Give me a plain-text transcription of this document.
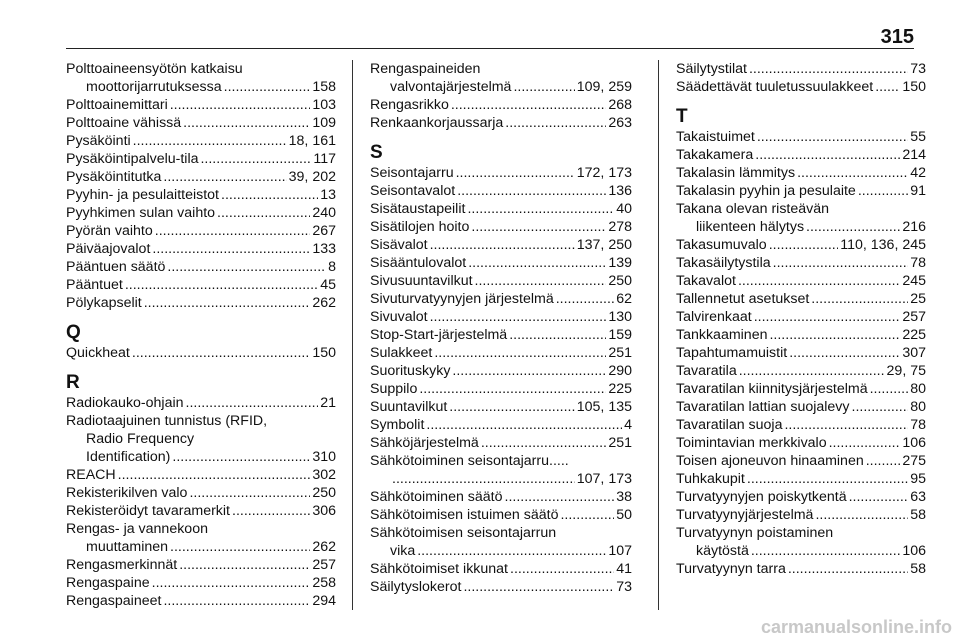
315
Polttoaineensyötön katkaisu
moottorijarrutuksessa .....	158
Polttoainemittari .....	103
Polttoaine vähissä .....	109
Pysäköinti .....	18, 161
Pysäköintipalvelu-tila .....	117
Pysäköintitutka .....	39, 202
Pyyhin- ja pesulaitteistot .....	13
Pyyhkimen sulan vaihto .....	240
Pyörän vaihto .....	267
Päiväajovalot .....	133
Pääntuen säätö .....	8
Pääntuet .....	45
Pölykapselit .....	262
Q
Quickheat .....	150
R
Radiokauko-ohjain .....	21
Radiotaajuinen tunnistus (RFID,
Radio Frequency
Identification) .....	310
REACH .....	302
Rekisterikilven valo .....	250
Rekisteröidyt tavaramerkit .....	306
Rengas- ja vannekoon
muuttaminen .....	262
Rengasmerkinnät .....	257
Rengaspaine .....	258
Rengaspaineet .....	294
Rengaspaineiden
valvontajärjestelmä .....	109, 259
Rengasrikko .....	268
Renkaankorjaussarja .....	263
S
Seisontajarru .....	172, 173
Seisontavalot .....	136
Sisätaustapeilit .....	40
Sisätilojen hoito .....	278
Sisävalot .....	137, 250
Sisääntulovalot .....	139
Sivusuuntavilkut .....	250
Sivuturvatyynyjen järjestelmä .....	62
Sivuvalot .....	130
Stop-Start-järjestelmä .....	159
Sulakkeet .....	251
Suorituskyky .....	290
Suppilo .....	225
Suuntavilkut .....	105, 135
Symbolit .....	4
Sähköjärjestelmä .....	251
Sähkötoiminen seisontajarru.....
.....
107, 173
Sähkötoiminen säätö .....	38
Sähkötoimisen istuimen säätö .....	50
Sähkötoimisen seisontajarrun
vika .....	107
Sähkötoimiset ikkunat .....	41
Säilytyslokerot .....	73
Säilytystilat .....	73
Säädettävät tuuletussuulakkeet ..... 150
T
Takaistuimet .....	55
Takakamera .....	214
Takalasin lämmitys .....	42
Takalasin pyyhin ja pesulaite .....	91
Takana olevan risteävän
liikenteen hälytys .....	216
Takasumuvalo .....	110, 136, 245
Takasäilytystila .....	78
Takavalot .....	245
Tallennetut asetukset .....	25
Talvirenkaat .....	257
Tankkaaminen .....	225
Tapahtumamuistit .....	307
Tavaratila .....	29, 75
Tavaratilan kiinnitysjärjestelmä .....	80
Tavaratilan lattian suojalevy .....	80
Tavaratilan suoja .....	78
Toimintavian merkkivalo .....	106
Toisen ajoneuvon hinaaminen .....	275
Tuhkakupit .....	95
Turvatyynyjen poiskytkentä .....	63
Turvatyynyjärjestelmä .....	58
Turvatyynyn poistaminen
käytöstä .....	106
Turvatyynyn tarra .....	58
carmanualsonline.info
